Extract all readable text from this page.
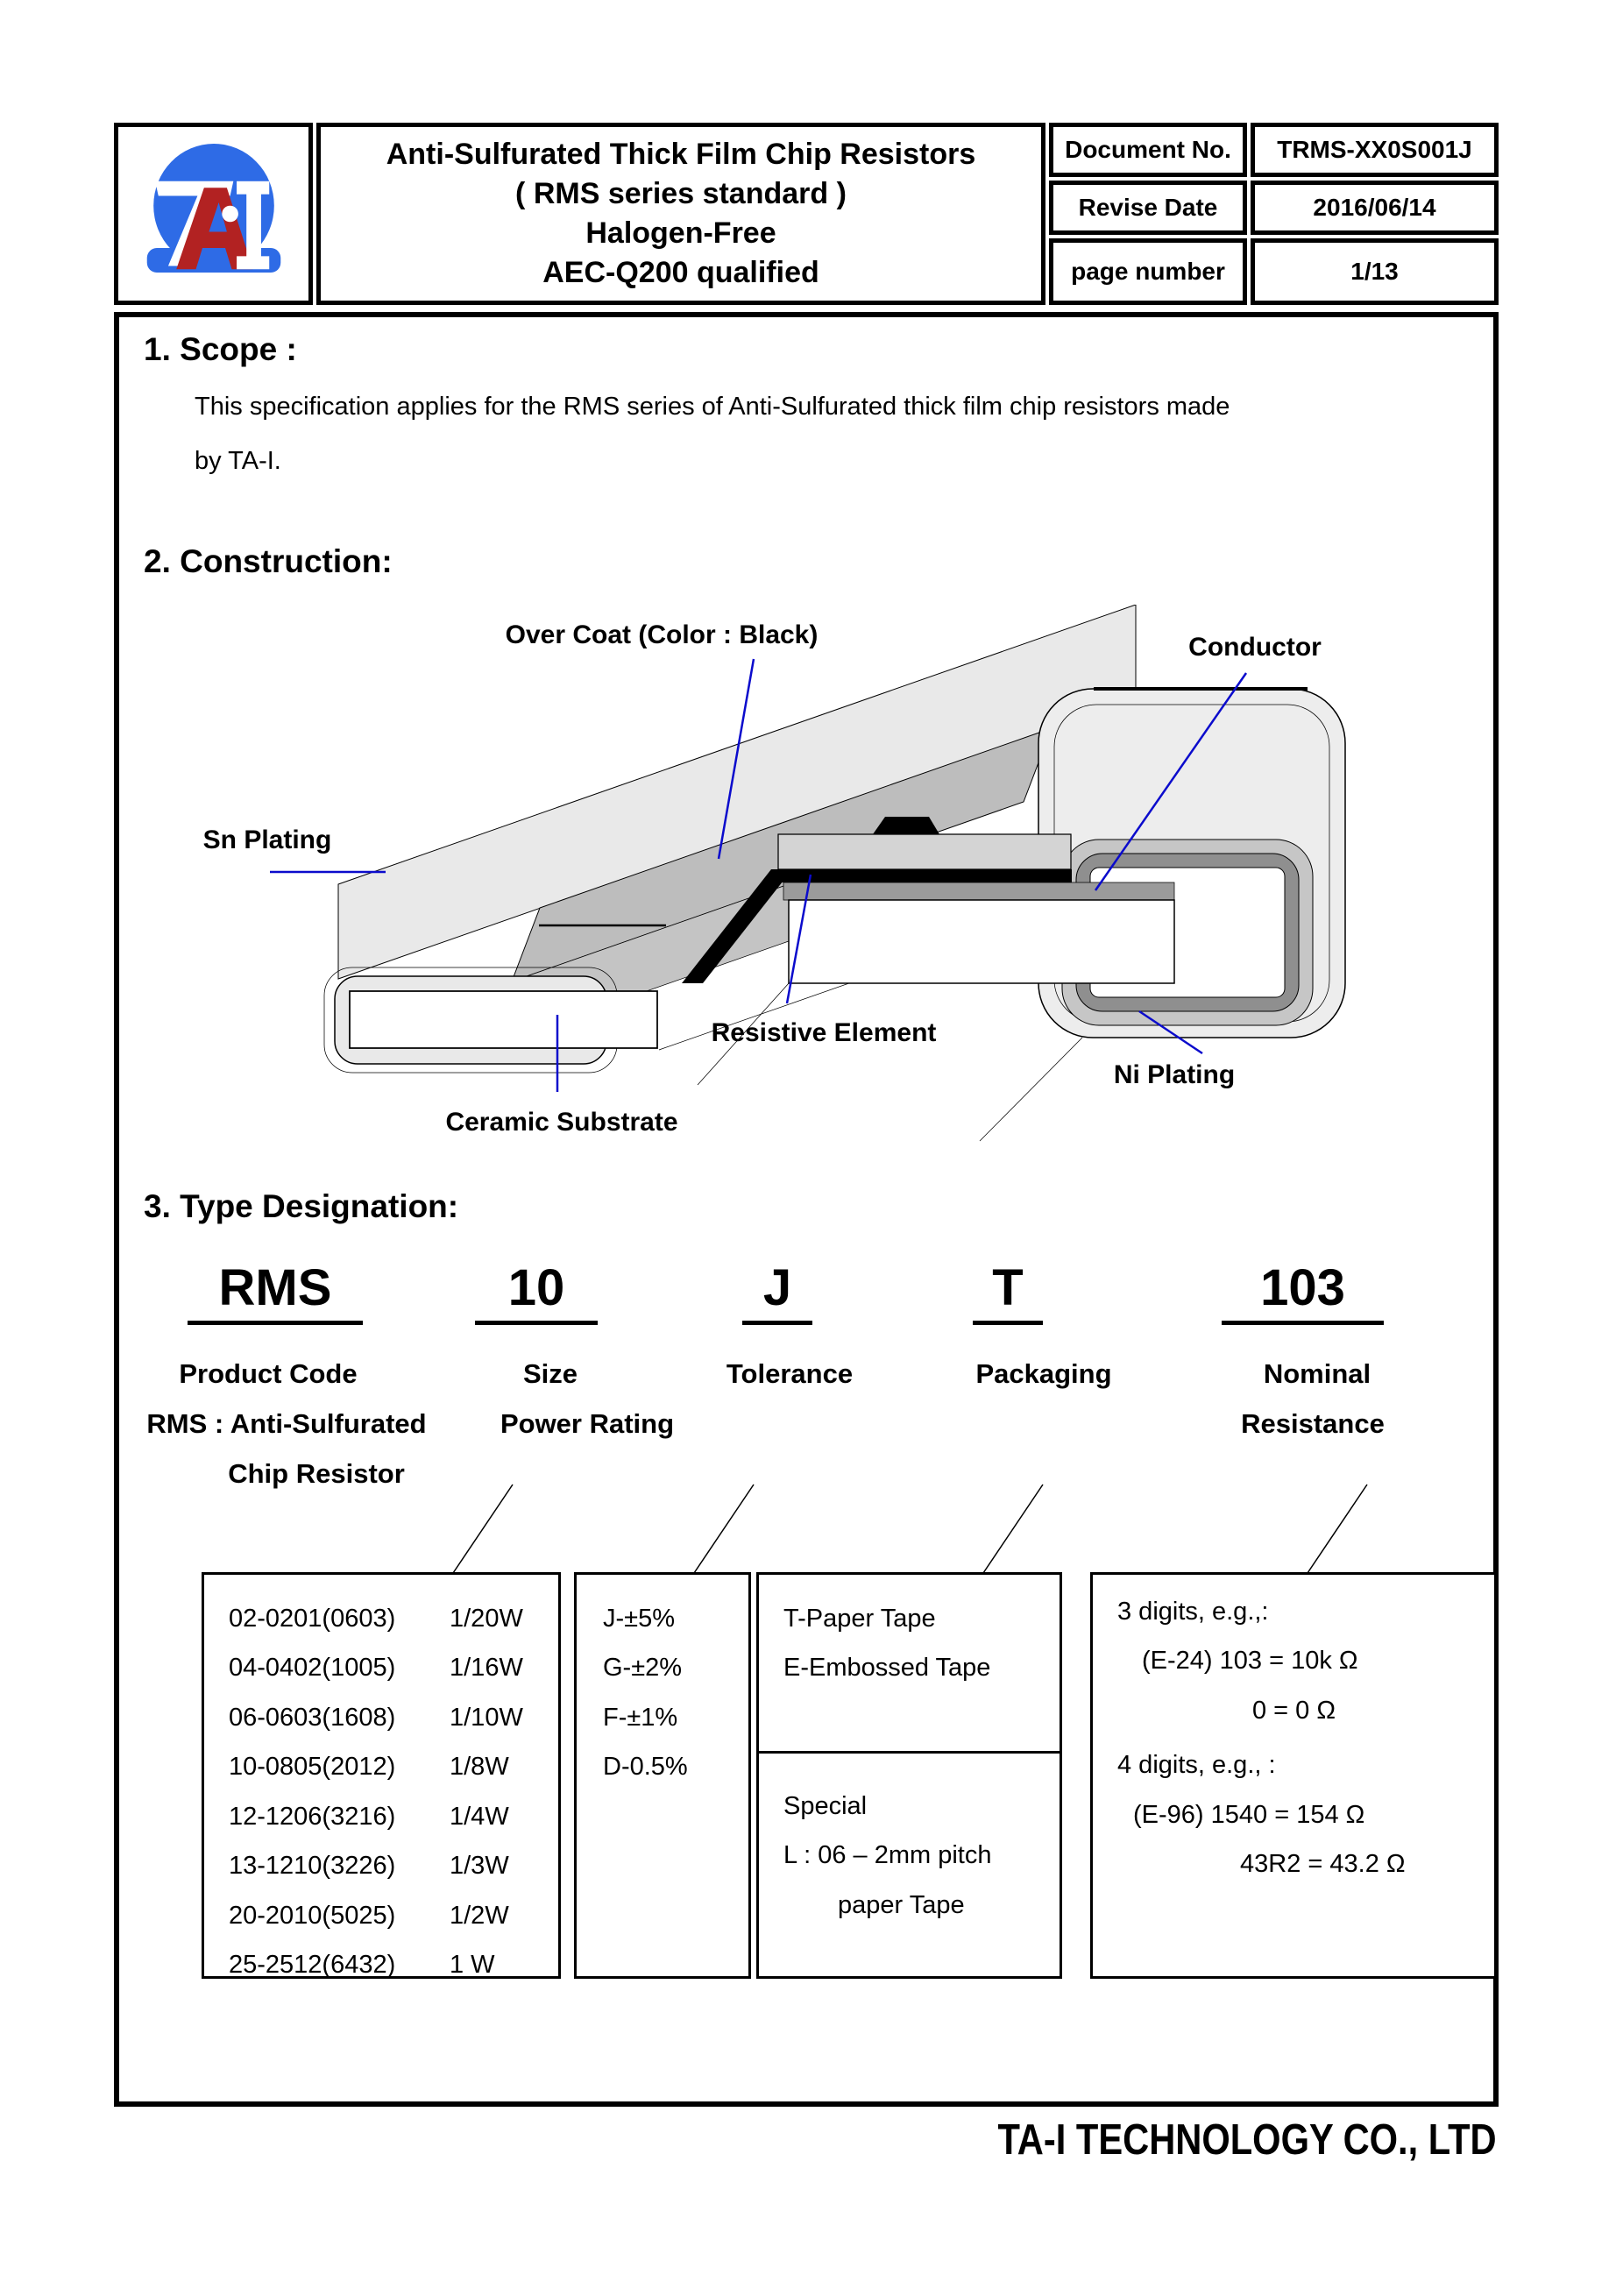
Anti-Sulfurated Thick Film Chip Resistors
( RMS series standard )
Halogen-Free
AEC-Q200 qualified
Document No.	TRMS-XX0S001J
Revise Date	2016/06/14
page number	1/13
1. Scope :
This specification applies for the RMS series of Anti-Sulfurated thick film chip resistors made
by TA-I.
2. Construction:
Over Coat (Color : Black)	Conductor
Sn Plating
Resistive Element
Ni Plating
Ceramic Substrate
3. Type Designation:
RMS	10	J	T	103
Product Code	Size	Tolerance	Packaging	Nominal
RMS : Anti-Sulfurated	Power Rating	Resistance
Chip Resistor
02-0201(0603)	1/20W
04-0402(1005)	1/16W
06-0603(1608)	1/10W
10-0805(2012)	1/8W
12-1206(3216)	1/4W
13-1210(3226)	1/3W
20-2010(5025)	1/2W
25-2512(6432)	1 W
J-±5%
G-±2%
F-±1%
D-0.5%
T-Paper Tape
E-Embossed Tape
Special
L : 06 – 2mm pitch
paper Tape
3 digits, e.g.,:
(E-24) 103 = 10k Ω
0 = 0 Ω
4 digits, e.g., :
(E-96) 1540 = 154 Ω
43R2 = 43.2 Ω
TA-I TECHNOLOGY CO., LTD
